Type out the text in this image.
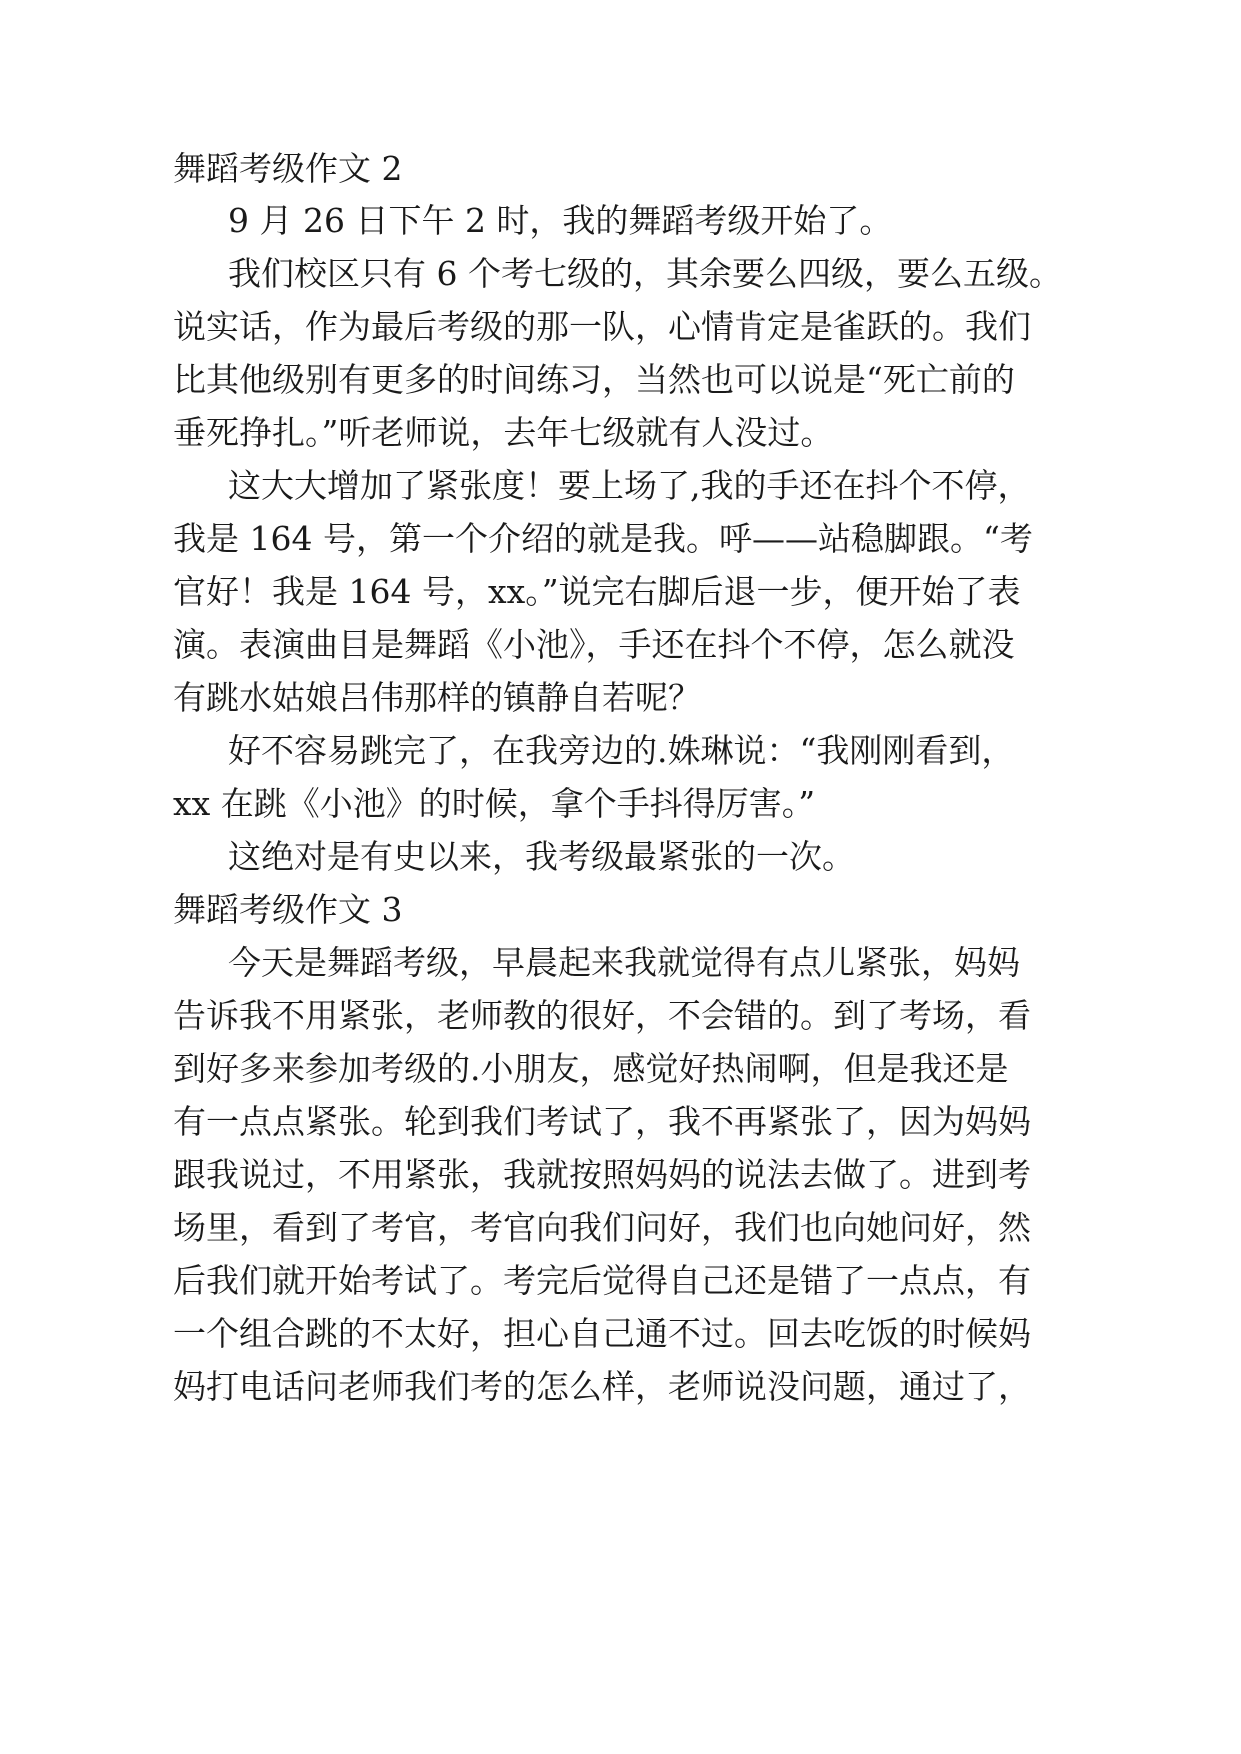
舞蹈考级作文 2
9 月 26 日下午 2 时，我的舞蹈考级开始了。
我们校区只有 6 个考七级的，其余要么四级，要么五级。
说实话，作为最后考级的那一队，心情肯定是雀跃的。我们
比其他级别有更多的时间练习，当然也可以说是“死亡前的
垂死挣扎。”听老师说，去年七级就有人没过。
这大大增加了紧张度！要上场了,我的手还在抖个不停，
我是 164 号，第一个介绍的就是我。呼——站稳脚跟。“考
官好！我是 164 号，xx。”说完右脚后退一步，便开始了表
演。表演曲目是舞蹈《小池》，手还在抖个不停，怎么就没
有跳水姑娘吕伟那样的镇静自若呢？
好不容易跳完了，在我旁边的.姝琳说：“我刚刚看到，
xx 在跳《小池》的时候，拿个手抖得厉害。”
这绝对是有史以来，我考级最紧张的一次。
舞蹈考级作文 3
今天是舞蹈考级，早晨起来我就觉得有点儿紧张，妈妈
告诉我不用紧张，老师教的很好，不会错的。到了考场，看
到好多来参加考级的.小朋友，感觉好热闹啊，但是我还是
有一点点紧张。轮到我们考试了，我不再紧张了，因为妈妈
跟我说过，不用紧张，我就按照妈妈的说法去做了。进到考
场里，看到了考官，考官向我们问好，我们也向她问好，然
后我们就开始考试了。考完后觉得自己还是错了一点点，有
一个组合跳的不太好，担心自己通不过。回去吃饭的时候妈
妈打电话问老师我们考的怎么样，老师说没问题，通过了，
